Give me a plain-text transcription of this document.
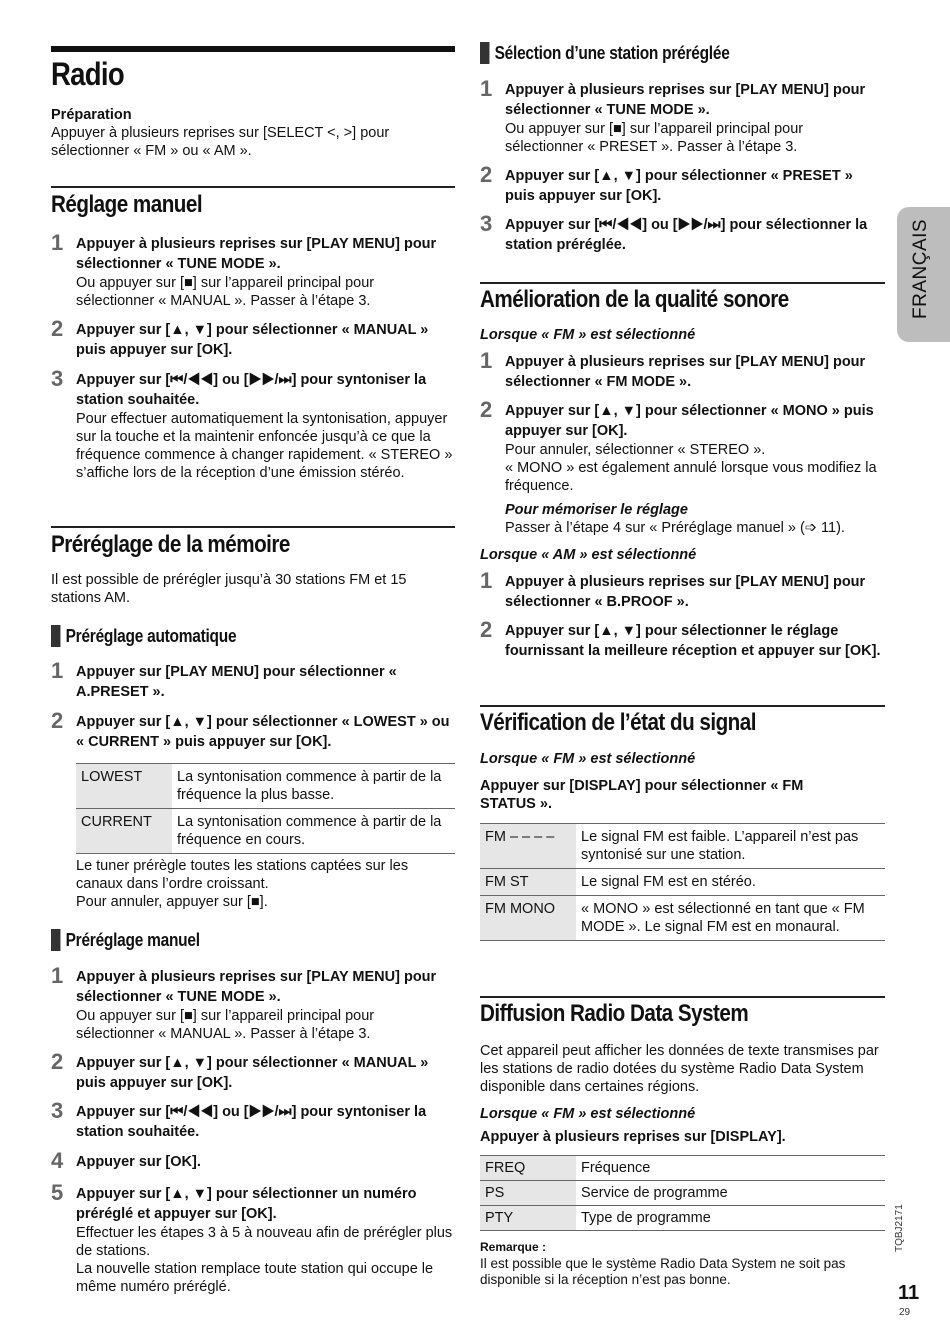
Radio
Préparation
Appuyer à plusieurs reprises sur [SELECT <, >] pour sélectionner « FM » ou « AM ».
Réglage manuel
1 Appuyer à plusieurs reprises sur [PLAY MENU] pour sélectionner « TUNE MODE ».
Ou appuyer sur [■] sur l’appareil principal pour sélectionner « MANUAL ». Passer à l’étape 3.
2 Appuyer sur [▲, ▼] pour sélectionner « MANUAL » puis appuyer sur [OK].
3 Appuyer sur [⏮/◀◀] ou [▶▶/⏭] pour syntoniser la station souhaitée.
Pour effectuer automatiquement la syntonisation, appuyer sur la touche et la maintenir enfoncée jusqu’à ce que la fréquence commence à changer rapidement. « STEREO » s’affiche lors de la réception d’une émission stéréo.
Préréglage de la mémoire
Il est possible de prérégler jusqu’à 30 stations FM et 15 stations AM.
Préréglage automatique
1 Appuyer sur [PLAY MENU] pour sélectionner « A.PRESET ».
2 Appuyer sur [▲, ▼] pour sélectionner « LOWEST » ou « CURRENT » puis appuyer sur [OK].
LOWEST	La syntonisation commence à partir de la fréquence la plus basse.
CURRENT	La syntonisation commence à partir de la fréquence en cours.
Le tuner prérègle toutes les stations captées sur les canaux dans l’ordre croissant.
Pour annuler, appuyer sur [■].
Préréglage manuel
1 Appuyer à plusieurs reprises sur [PLAY MENU] pour sélectionner « TUNE MODE ».
Ou appuyer sur [■] sur l’appareil principal pour sélectionner « MANUAL ». Passer à l’étape 3.
2 Appuyer sur [▲, ▼] pour sélectionner « MANUAL » puis appuyer sur [OK].
3 Appuyer sur [⏮/◀◀] ou [▶▶/⏭] pour syntoniser la station souhaitée.
4 Appuyer sur [OK].
5 Appuyer sur [▲, ▼] pour sélectionner un numéro préréglé et appuyer sur [OK].
Effectuer les étapes 3 à 5 à nouveau afin de prérégler plus de stations.
La nouvelle station remplace toute station qui occupe le même numéro préréglé.
Sélection d’une station préréglée
1 Appuyer à plusieurs reprises sur [PLAY MENU] pour sélectionner « TUNE MODE ».
Ou appuyer sur [■] sur l’appareil principal pour sélectionner « PRESET ». Passer à l’étape 3.
2 Appuyer sur [▲, ▼] pour sélectionner « PRESET » puis appuyer sur [OK].
3 Appuyer sur [⏮/◀◀] ou [▶▶/⏭] pour sélectionner la station préréglée.
Amélioration de la qualité sonore
Lorsque « FM » est sélectionné
1 Appuyer à plusieurs reprises sur [PLAY MENU] pour sélectionner « FM MODE ».
2 Appuyer sur [▲, ▼] pour sélectionner « MONO » puis appuyer sur [OK].
Pour annuler, sélectionner « STEREO ».
« MONO » est également annulé lorsque vous modifiez la fréquence.
Pour mémoriser le réglage
Passer à l’étape 4 sur « Préréglage manuel » (➩ 11).
Lorsque « AM » est sélectionné
1 Appuyer à plusieurs reprises sur [PLAY MENU] pour sélectionner « B.PROOF ».
2 Appuyer sur [▲, ▼] pour sélectionner le réglage fournissant la meilleure réception et appuyer sur [OK].
Vérification de l’état du signal
Lorsque « FM » est sélectionné
Appuyer sur [DISPLAY] pour sélectionner « FM STATUS ».
FM – – – –	Le signal FM est faible. L’appareil n’est pas syntonisé sur une station.
FM ST	Le signal FM est en stéréo.
FM MONO	« MONO » est sélectionné en tant que « FM MODE ». Le signal FM est en monaural.
Diffusion Radio Data System
Cet appareil peut afficher les données de texte transmises par les stations de radio dotées du système Radio Data System disponible dans certaines régions.
Lorsque « FM » est sélectionné
Appuyer à plusieurs reprises sur [DISPLAY].
FREQ	Fréquence
PS	Service de programme
PTY	Type de programme
Remarque :
Il est possible que le système Radio Data System ne soit pas disponible si la réception n’est pas bonne.
FRANÇAIS
TQBJ2171
11
29
